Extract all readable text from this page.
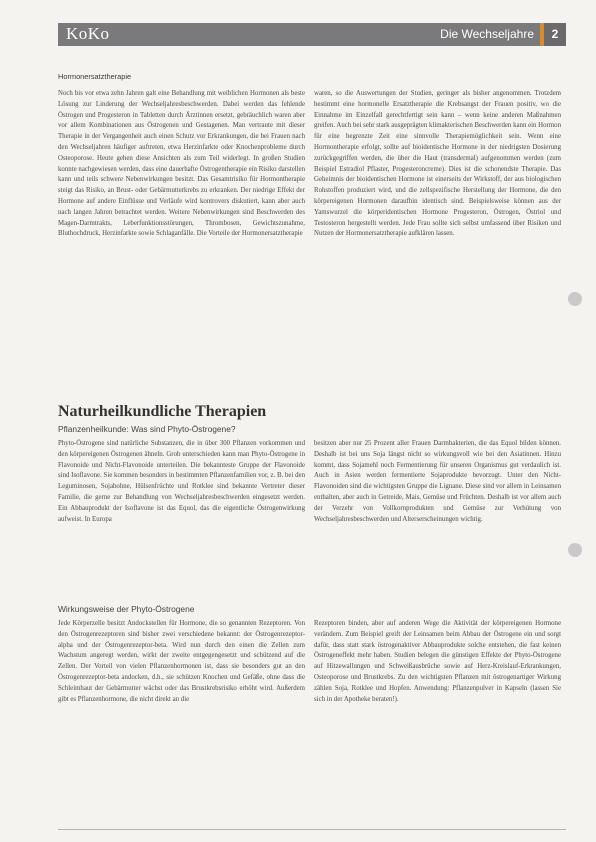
KoKo	Die Wechseljahre	2

Hormonersatztherapie

Noch bis vor etwa zehn Jahren galt eine Behandlung mit weiblichen Hormonen als beste Lösung zur Linderung der Wechseljahresbeschwerden. Dabei werden das fehlende Östrogen und Progesteron in Tabletten durch Ärztinnen ersetzt, gebräuchlich waren aber vor allem Kombinationen aus Östrogenen und Gestagenen. Man vertraute mit dieser Therapie in der Vergangenheit auch einen Schutz vor Erkrankungen, die bei Frauen nach den Wechseljahren häufiger auftreten, etwa Herzinfarkte oder Knochenprobleme durch Osteoporose. Heute gehen diese Ansichten als zum Teil widerlegt. In großen Studien konnte nachgewiesen werden, dass eine dauerhafte Östrogentherapie ein Risiko darstellen kann und teils schwere Nebenwirkungen besitzt. Das Gesamtrisiko für Hormontherapie steigt das Risiko, an Brust- oder Gebärmutterkrebs zu erkranken. Der niedrige Effekt der Hormone auf andere Einflüsse und Verläufe wird kontrovers diskutiert, kann aber auch nach langen Jahren betrachtet werden. Weitere Nebenwirkungen sind Beschwerden des Magen-Darmtrakts, Leberfunktionsstörungen, Thrombosen, Gewichtszunahme, Bluthochdruck, Herzinfarkte sowie Schlaganfälle. Die Vorteile der Hormonersatztherapie

waren, so die Auswertungen der Studien, geringer als bisher angenommen. Trotzdem bestimmt eine hormonelle Ersatztherapie die Krebsangst der Frauen positiv, wo die Einnahme im Einzelfall gerechtfertigt sein kann – wenn keine anderen Maßnahmen greifen. Auch bei sehr stark ausgeprägten klimakterischen Beschwerden kann ein Hormon für eine begrenzte Zeit eine sinnvolle Therapiemöglichkeit sein. Wenn eine Hormontherapie erfolgt, sollte auf bioidentische Hormone in der niedrigsten Dosierung zurückgegriffen werden, die über die Haut (transdermal) aufgenommen werden (zum Beispiel Estradiol Pflaster, Progesteroncreme). Dies ist die schonendste Therapie. Das Geheimnis der bioidentischen Hormone ist einerseits der Wirkstoff, der aus biologischen Rohstoffen produziert wird, und die zellspezifische Herstellung der Hormone, die den körpereigenen Hormonen daraufhin identisch sind. Beispielsweise können aus der Yamswurzel die körperidentischen Hormone Progesteron, Östrogen, Östriol und Testosteron hergestellt werden. Jede Frau sollte sich selbst umfassend über Risiken und Nutzen der Hormonersatztherapie aufklären lassen.

Naturheilkundliche Therapien

Pflanzenheilkunde: Was sind Phyto-Östrogene?

Phyto-Östrogene sind natürliche Substanzen, die in über 300 Pflanzen vorkommen und den körpereigenen Östrogenen ähneln. Grob unterschieden kann man Phyto-Östrogene in Flavonoide und Nicht-Flavonoide unterteilen. Die bekannteste Gruppe der Flavonoide sind Isoflavone. Sie kommen besonders in bestimmten Pflanzenfamilien vor, z. B. bei den Leguminosen, Sojabohne, Hülsenfrüchte und Rotklee sind bekannte Vertreter dieser Familie, die gerne zur Behandlung von Wechseljahresbeschwerden eingesetzt werden. Ein Abbauprodukt der Isoflavone ist das Equol, das die eigentliche Östrogenwirkung aufweist. In Europa

besitzen aber nur 25 Prozent aller Frauen Darmbakterien, die das Equol bilden können. Deshalb ist bei uns Soja längst nicht so wirkungsvoll wie bei den Asiatinnen. Hinzu kommt, dass Sojamehl noch Fermentierung für unseren Organismus gut verdaulich ist. Auch in Asien werden fermentierte Sojaprodukte bevorzugt. Unter den Nicht-Flavonoiden sind die wichtigsten Gruppe die Lignane. Diese sind vor allem in Leinsamen enthalten, aber auch in Getreide, Mais, Gemüse und Früchten. Deshalb ist vor allem auch der Verzehr von Vollkornprodukten und Gemüse zur Verhütung von Wechseljahresbeschwerden und Alterserscheinungen wichtig.

Wirkungsweise der Phyto-Östrogene

Jede Körperzelle besitzt Andockstellen für Hormone, die so genannten Rezeptoren. Von den Östrogenrezeptoren sind bisher zwei verschiedene bekannt: der Östrogenrezeptor-alpha und der Östrogenrezeptor-beta. Wird nun durch den einen die Zellen zum Wachstum angeregt werden, wirkt der zweite entgegengesetzt und schützend auf die Zellen. Der Vorteil von vielen Pflanzenhormonen ist, dass sie besonders gut an den Östrogenrezeptor-beta andocken, d.h., sie schützen Knochen und Gefäße, ohne dass die Schleimhaut der Gebärmutter wächst oder das Brustkrebsrisiko erhöht wird. Außerdem gibt es Pflanzenhormone, die nicht direkt an die

Rezeptoren binden, aber auf anderen Wege die Aktivität der körpereigenen Hormone verändern. Zum Beispiel greift der Leinsamen beim Abbau der Östrogene ein und sorgt dafür, dass statt stark östrogenaktiver Abbauprodukte solche entstehen, die fast keinen Östrogeneffekt mehr haben. Studien belegen die günstigen Effekte der Phyto-Östrogene auf Hitzewallungen und Schweißausbrüche sowie auf Herz-Kreislauf-Erkrankungen, Osteoporose und Brustkrebs. Zu den wichtigsten Pflanzen mit östrogenartiger Wirkung zählen Soja, Rotklee und Hopfen. Anwendung: Pflanzenpulver in Kapseln (lassen Sie sich in der Apotheke beraten!).
